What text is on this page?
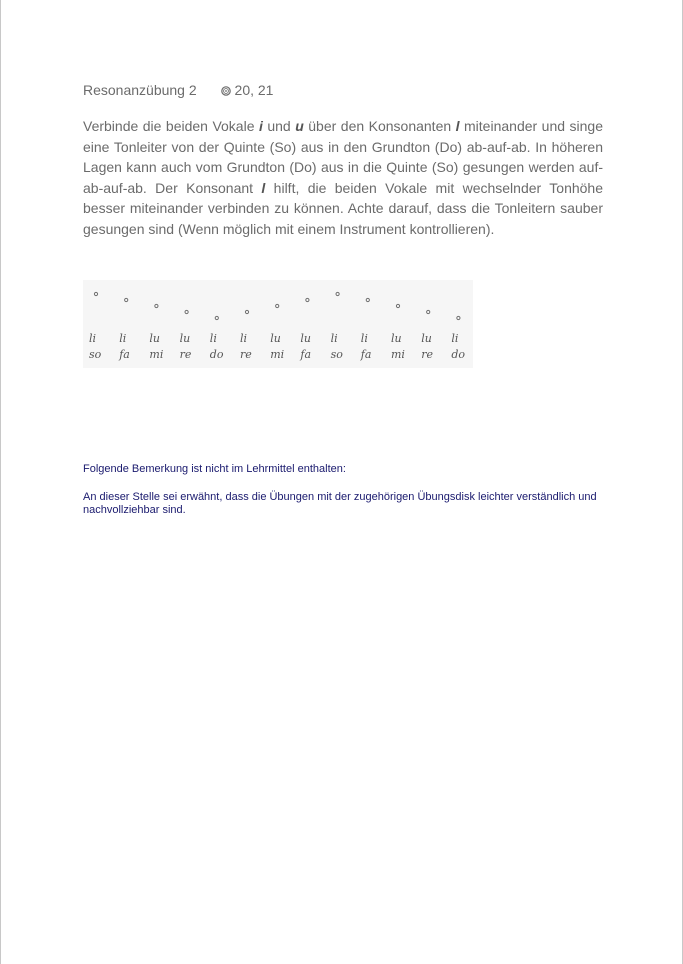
Resonanzübung 2	20, 21
Verbinde die beiden Vokale i und u über den Konsonanten l miteinander und singe eine Tonleiter von der Quinte (So) aus in den Grundton (Do) ab-auf-ab. In höheren Lagen kann auch vom Grundton (Do) aus in die Quinte (So) gesungen werden auf-ab-auf-ab. Der Konsonant l hilft, die beiden Vokale mit wechselnder Tonhöhe besser miteinander verbinden zu können. Achte darauf, dass die Tonleitern sauber gesungen sind (Wenn möglich mit einem Instrument kontrollieren).
li
so
li
fa
lu
mi
lu
re
li
do
li
re
lu
mi
lu
fa
li
so
li
fa
lu
mi
lu
re
li
do

Folgende Bemerkung ist nicht im Lehrmittel enthalten:

An dieser Stelle sei erwähnt, dass die Übungen mit der zugehörigen Übungsdisk leichter verständlich und nachvollziehbar sind.
